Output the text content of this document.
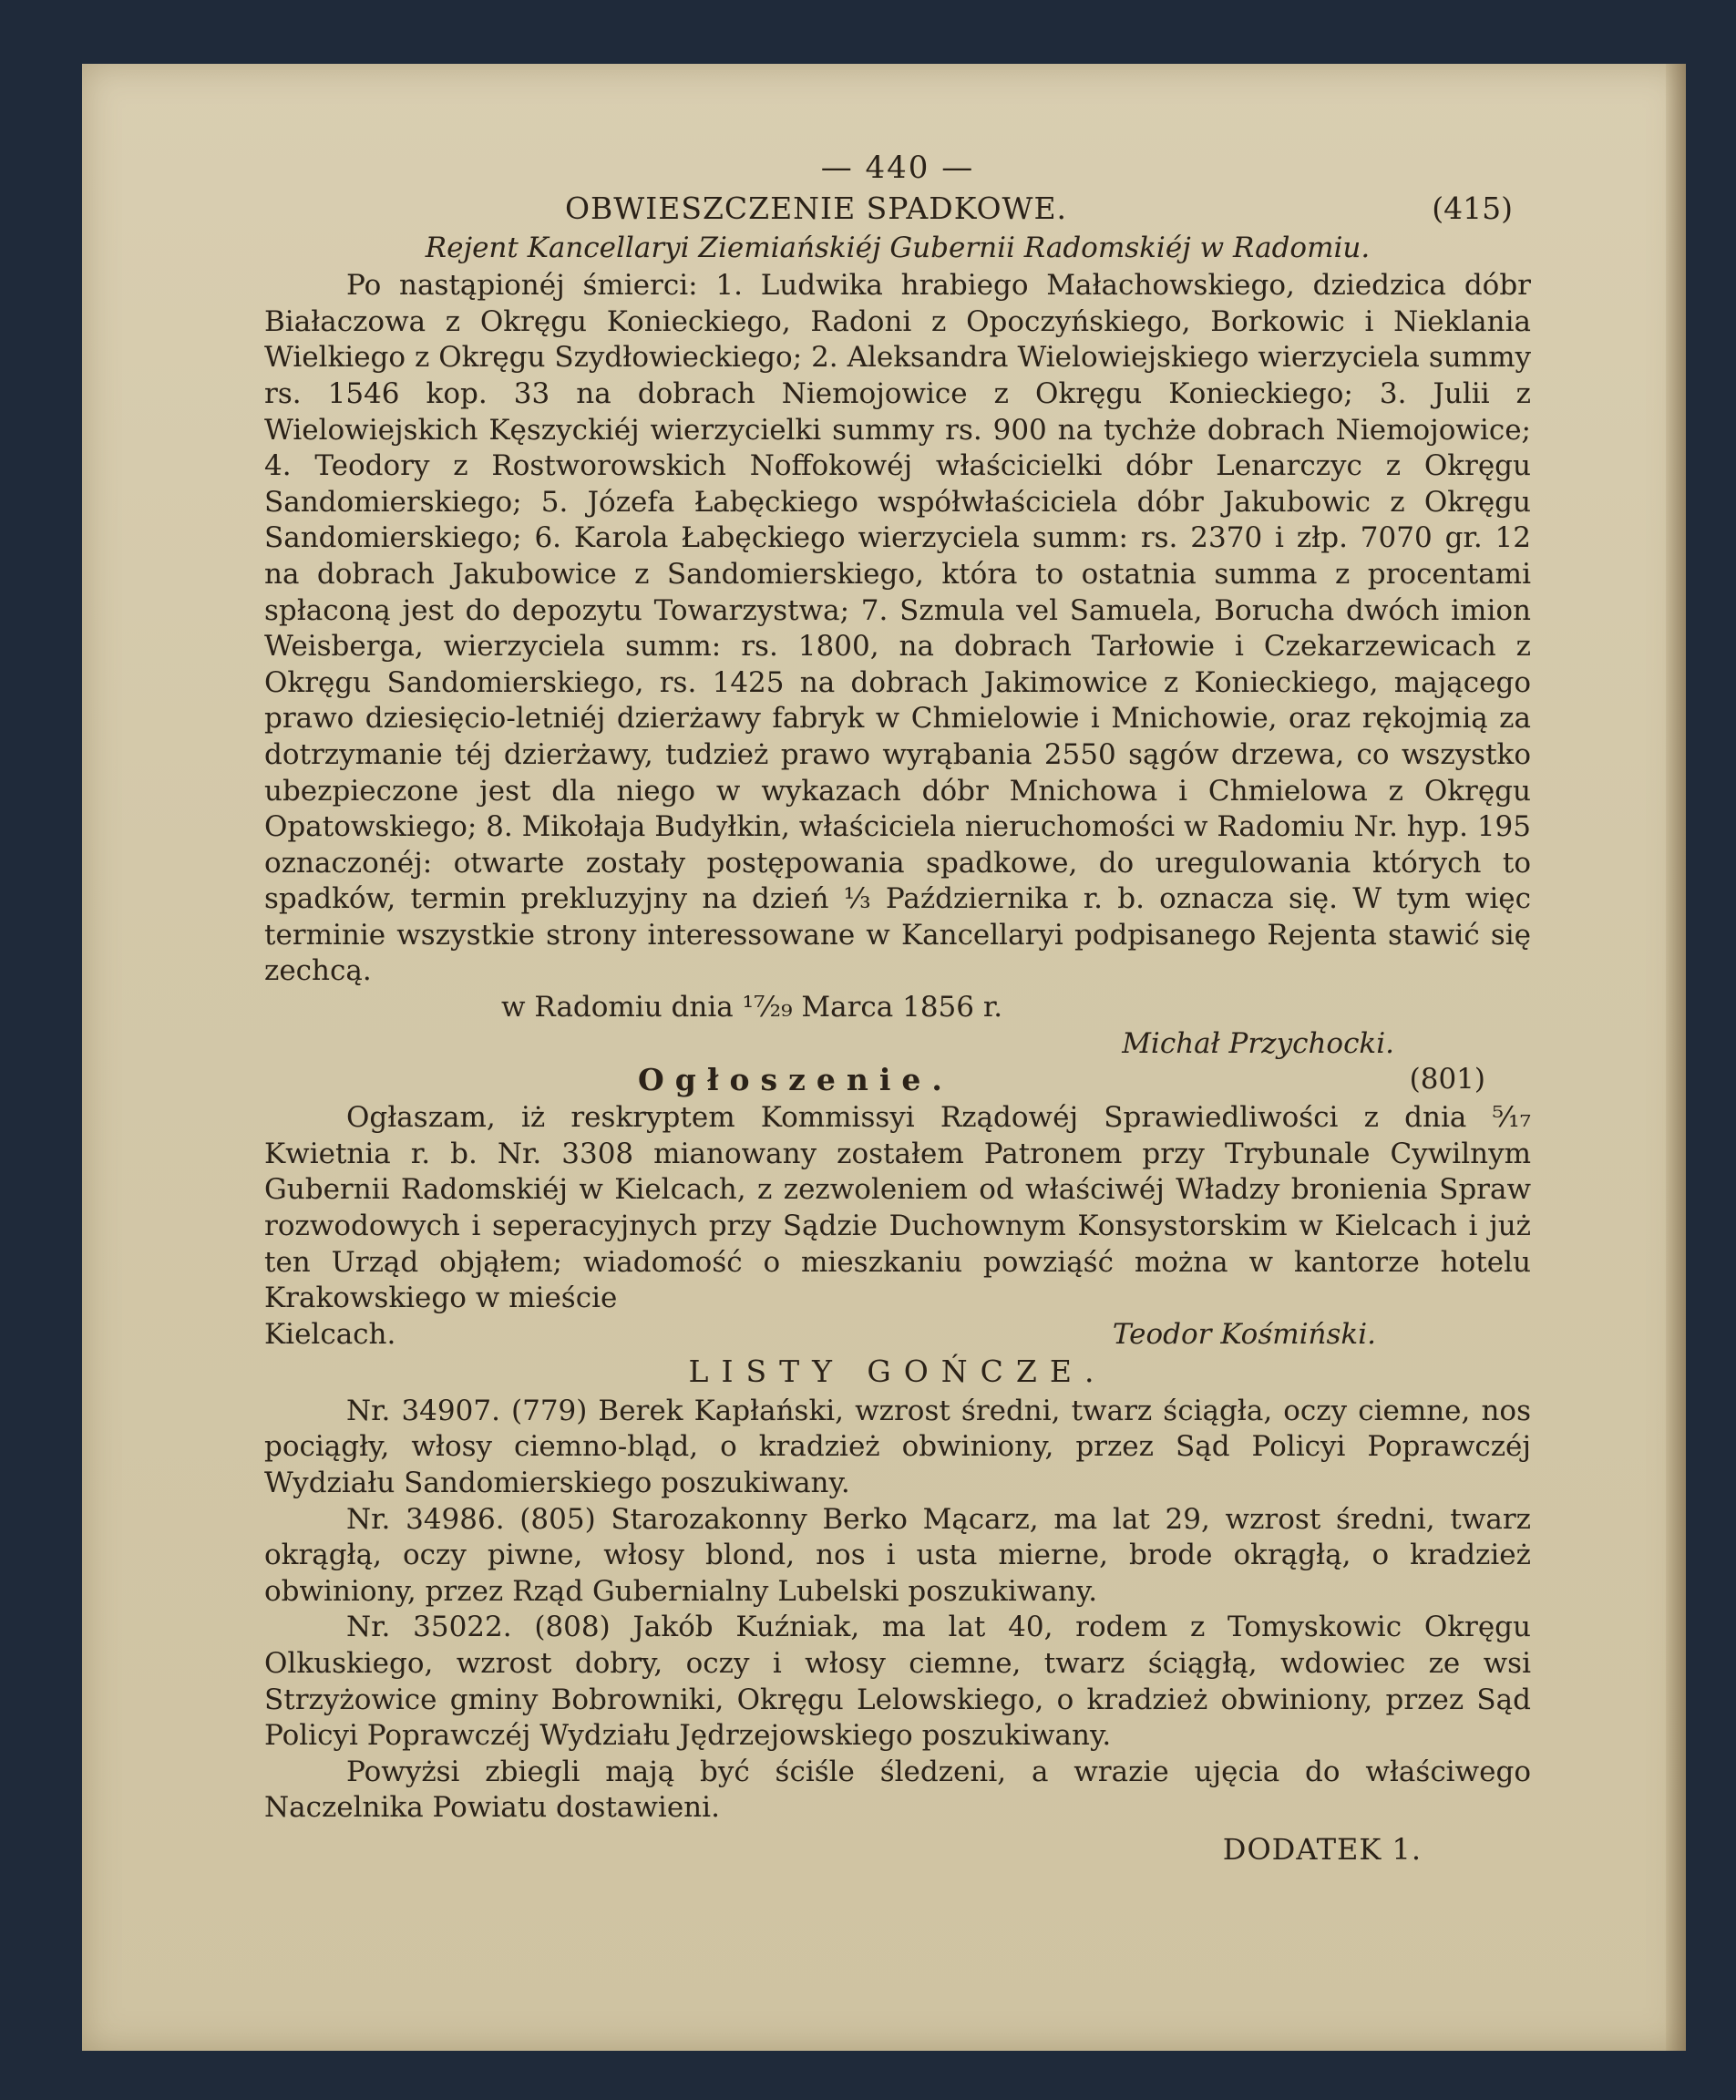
— 440 —
OBWIESZCZENIE SPADKOWE.	(415)
Rejent Kancellaryi Ziemiańskiéj Gubernii Radomskiéj w Radomiu.

Po nastąpionéj śmierci: 1. Ludwika hrabiego Małachowskiego, dziedzica dóbr Białaczowa z Okręgu Konieckiego, Radoni z Opoczyńskiego, Borkowic i Nieklania Wielkiego z Okręgu Szydłowieckiego; 2. Aleksandra Wielowiejskiego wierzyciela summy rs. 1546 kop. 33 na dobrach Niemojowice z Okręgu Konieckiego; 3. Julii z Wielowiejskich Kęszyckiéj wierzycielki summy rs. 900 na tychże dobrach Niemojowice; 4. Teodory z Rostworowskich Noffokowéj właścicielki dóbr Lenarczyc z Okręgu Sandomierskiego; 5. Józefa Łabęckiego współwłaściciela dóbr Jakubowic z Okręgu Sandomierskiego; 6. Karola Łabęckiego wierzyciela summ: rs. 2370 i złp. 7070 gr. 12 na dobrach Jakubowice z Sandomierskiego, która to ostatnia summa z procentami spłaconą jest do depozytu Towarzystwa; 7. Szmula vel Samuela, Borucha dwóch imion Weisberga, wierzyciela summ: rs. 1800, na dobrach Tarłowie i Czekarzewicach z Okręgu Sandomierskiego, rs. 1425 na dobrach Jakimowice z Konieckiego, mającego prawo dziesięcio-letniéj dzierżawy fabryk w Chmielowie i Mnichowie, oraz rękojmią za dotrzymanie téj dzierżawy, tudzież prawo wyrąbania 2550 sągów drzewa, co wszystko ubezpieczone jest dla niego w wykazach dóbr Mnichowa i Chmielowa z Okręgu Opatowskiego; 8. Mikołaja Budyłkin, właściciela nieruchomości w Radomiu Nr. hyp. 195 oznaczonéj: otwarte zostały postępowania spadkowe, do uregulowania których to spadków, termin prekluzyjny na dzień ⅓ Października r. b. oznacza się. W tym więc terminie wszystkie strony interessowane w Kancellaryi podpisanego Rejenta stawić się zechcą.

w Radomiu dnia ¹⁷⁄₂₉ Marca 1856 r.

Michał Przychocki.
Ogłoszenie.	(801)

Ogłaszam, iż reskryptem Kommissyi Rządowéj Sprawiedliwości z dnia ⁵⁄₁₇ Kwietnia r. b. Nr. 3308 mianowany zostałem Patronem przy Trybunale Cywilnym Gubernii Radomskiéj w Kielcach, z zezwoleniem od właściwéj Władzy bronienia Spraw rozwodowych i seperacyjnych przy Sądzie Duchownym Konsystorskim w Kielcach i już ten Urząd objąłem; wiadomość o mieszkaniu powziąść można w kantorze hotelu Krakowskiego w mieście

Kielcach.	Teodor Kośmiński.
LISTY GOŃCZE.

Nr. 34907. (779) Berek Kapłański, wzrost średni, twarz ściągła, oczy ciemne, nos pociągły, włosy ciemno-bląd, o kradzież obwiniony, przez Sąd Policyi Poprawczéj Wydziału Sandomierskiego poszukiwany.

Nr. 34986. (805) Starozakonny Berko Mącarz, ma lat 29, wzrost średni, twarz okrągłą, oczy piwne, włosy blond, nos i usta mierne, brode okrągłą, o kradzież obwiniony, przez Rząd Gubernialny Lubelski poszukiwany.

Nr. 35022. (808) Jakób Kuźniak, ma lat 40, rodem z Tomyskowic Okręgu Olkuskiego, wzrost dobry, oczy i włosy ciemne, twarz ściągłą, wdowiec ze wsi Strzyżowice gminy Bobrowniki, Okręgu Lelowskiego, o kradzież obwiniony, przez Sąd Policyi Poprawczéj Wydziału Jędrzejowskiego poszukiwany.

Powyżsi zbiegli mają być ściśle śledzeni, a wrazie ujęcia do właściwego Naczelnika Powiatu dostawieni.

DODATEK 1.
